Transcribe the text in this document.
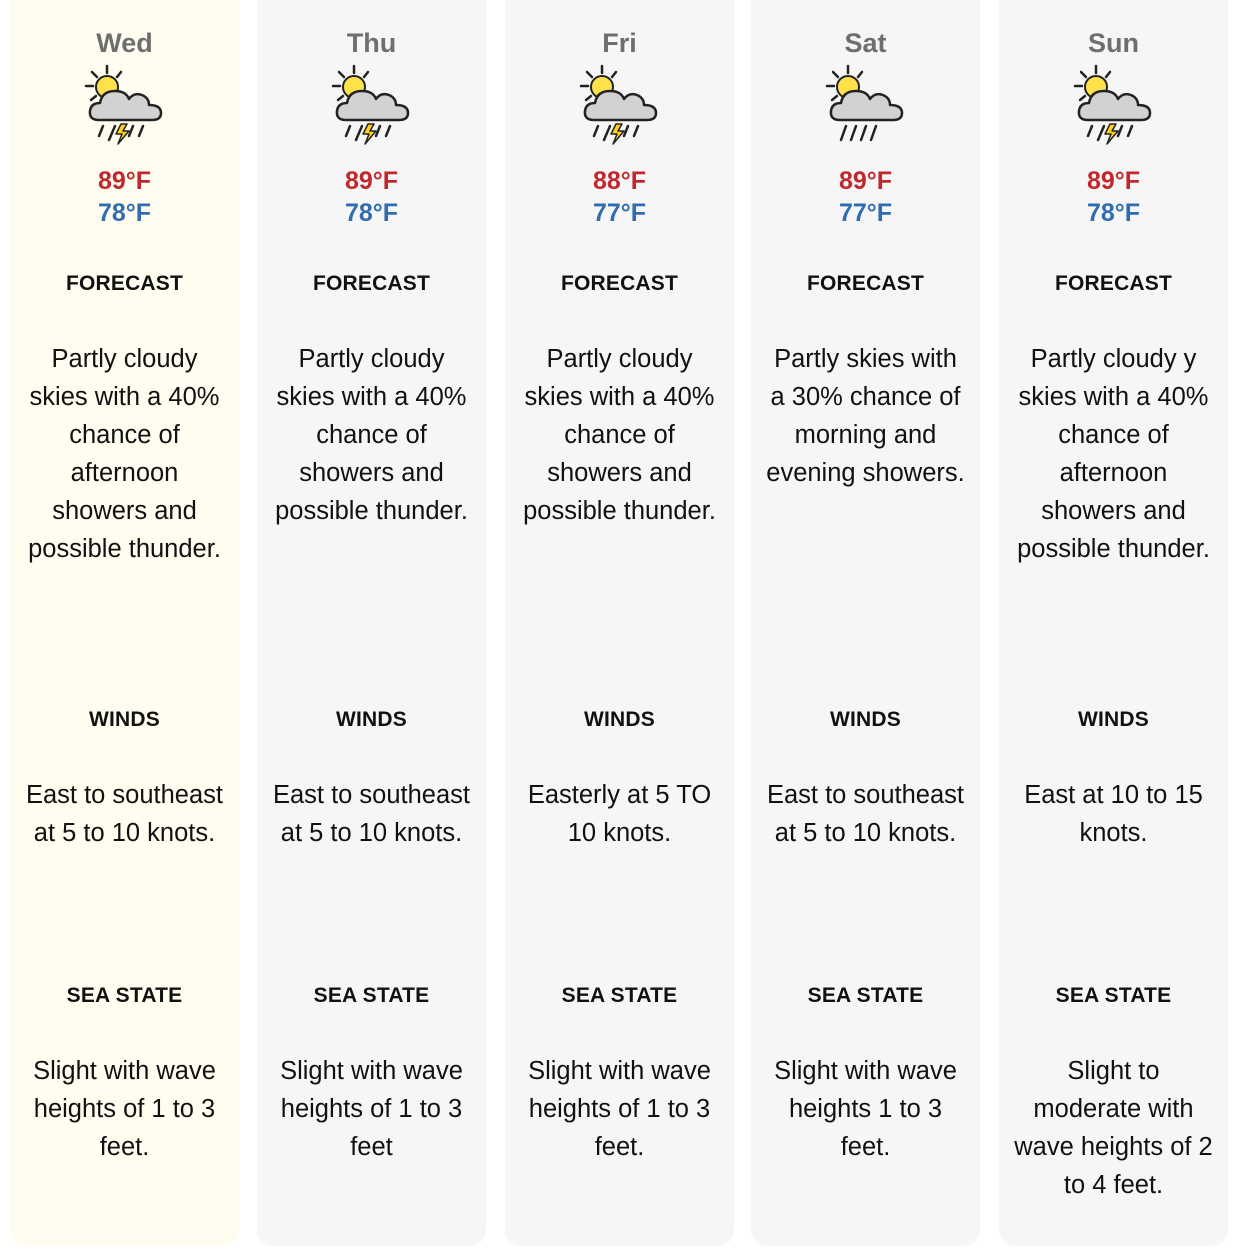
Wed
89°F
78°F
FORECAST
Partly cloudy skies with a 40% chance of afternoon showers and possible thunder.
WINDS
East to southeast at 5 to 10 knots.
SEA STATE
Slight with wave heights of 1 to 3 feet.
Thu
89°F
78°F
FORECAST
Partly cloudy skies with a 40% chance of showers and possible thunder.
WINDS
East to southeast at 5 to 10 knots.
SEA STATE
Slight with wave heights of 1 to 3 feet
Fri
88°F
77°F
FORECAST
Partly cloudy skies with a 40% chance of showers and possible thunder.
WINDS
Easterly at 5 TO 10 knots.
SEA STATE
Slight with wave heights of 1 to 3 feet.
Sat
89°F
77°F
FORECAST
Partly skies with a 30% chance of morning and evening showers.
WINDS
East to southeast at 5 to 10 knots.
SEA STATE
Slight with wave heights 1 to 3 feet.
Sun
89°F
78°F
FORECAST
Partly cloudy y skies with a 40% chance of afternoon showers and possible thunder.
WINDS
East at 10 to 15 knots.
SEA STATE
Slight to moderate with wave heights of 2 to 4 feet.
